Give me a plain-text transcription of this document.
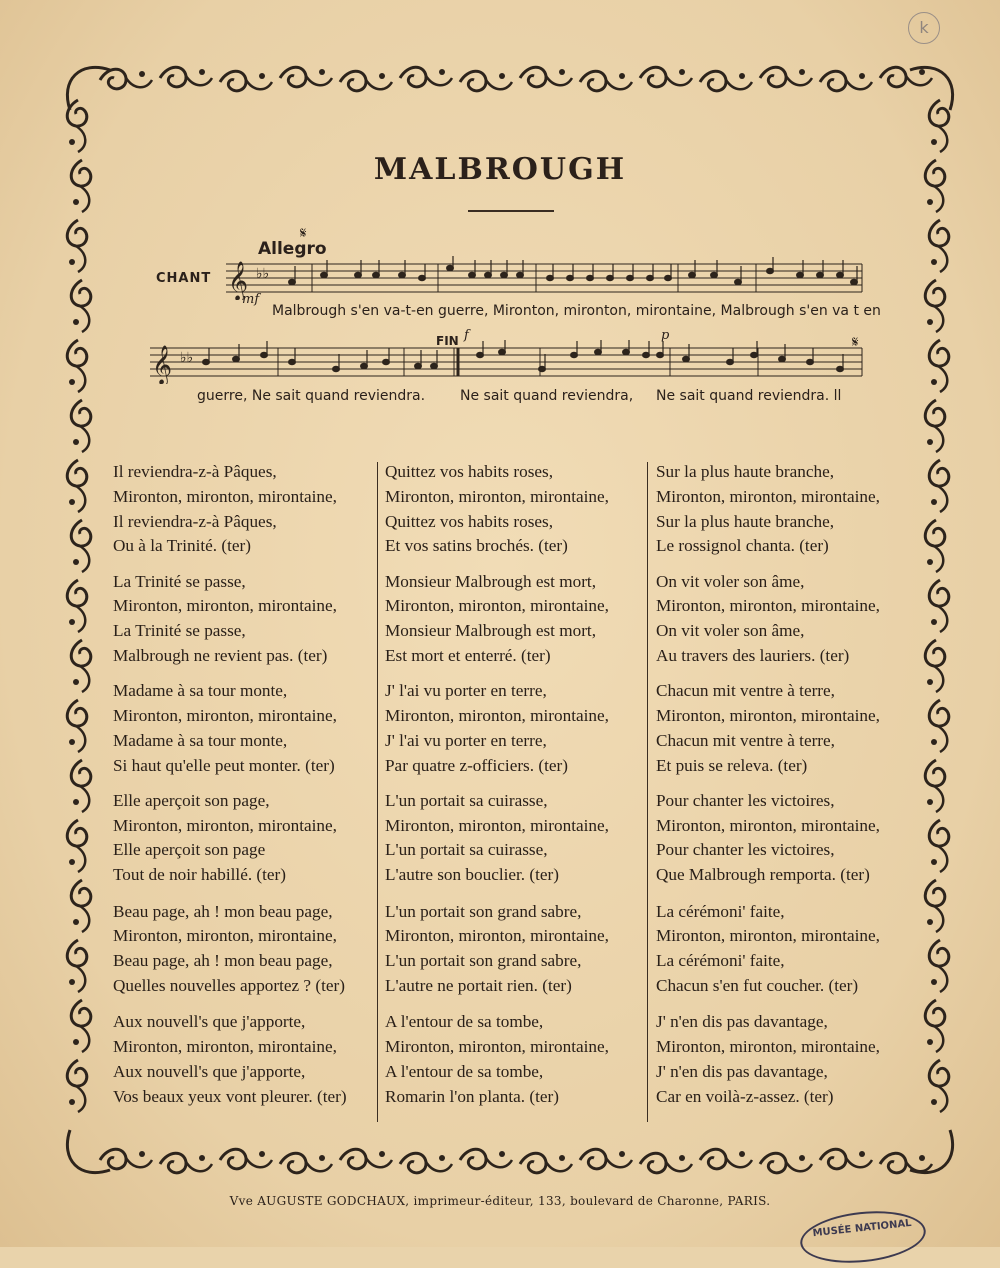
MALBROUGH
Allegro
𝄋
𝄋
CHANT
mf
f	p
FIN
𝄞 ♭♭
Malbrough s'en va-t-en guerre, Mironton, mironton, mirontaine, Malbrough s'en va t en
𝄞 ♭♭
guerre, Ne sait quand reviendra. Ne sait quand reviendra, Ne sait quand reviendra. ll
Il reviendra-z-à Pâques,
Mironton, mironton, mirontaine,
Il reviendra-z-à Pâques,
Ou à la Trinité. (ter)
La Trinité se passe,
Mironton, mironton, mirontaine,
La Trinité se passe,
Malbrough ne revient pas. (ter)
Madame à sa tour monte,
Mironton, mironton, mirontaine,
Madame à sa tour monte,
Si haut qu'elle peut monter. (ter)
Elle aperçoit son page,
Mironton, mironton, mirontaine,
Elle aperçoit son page
Tout de noir habillé. (ter)
Beau page, ah ! mon beau page,
Mironton, mironton, mirontaine,
Beau page, ah ! mon beau page,
Quelles nouvelles apportez ? (ter)
Aux nouvell's que j'apporte,
Mironton, mironton, mirontaine,
Aux nouvell's que j'apporte,
Vos beaux yeux vont pleurer. (ter)
Quittez vos habits roses,
Mironton, mironton, mirontaine,
Quittez vos habits roses,
Et vos satins brochés. (ter)
Monsieur Malbrough est mort,
Mironton, mironton, mirontaine,
Monsieur Malbrough est mort,
Est mort et enterré. (ter)
J' l'ai vu porter en terre,
Mironton, mironton, mirontaine,
J' l'ai vu porter en terre,
Par quatre z-officiers. (ter)
L'un portait sa cuirasse,
Mironton, mironton, mirontaine,
L'un portait sa cuirasse,
L'autre son bouclier. (ter)
L'un portait son grand sabre,
Mironton, mironton, mirontaine,
L'un portait son grand sabre,
L'autre ne portait rien. (ter)
A l'entour de sa tombe,
Mironton, mironton, mirontaine,
A l'entour de sa tombe,
Romarin l'on planta. (ter)
Sur la plus haute branche,
Mironton, mironton, mirontaine,
Sur la plus haute branche,
Le rossignol chanta. (ter)
On vit voler son âme,
Mironton, mironton, mirontaine,
On vit voler son âme,
Au travers des lauriers. (ter)
Chacun mit ventre à terre,
Mironton, mironton, mirontaine,
Chacun mit ventre à terre,
Et puis se releva. (ter)
Pour chanter les victoires,
Mironton, mironton, mirontaine,
Pour chanter les victoires,
Que Malbrough remporta. (ter)
La cérémoni' faite,
Mironton, mironton, mirontaine,
La cérémoni' faite,
Chacun s'en fut coucher. (ter)
J' n'en dis pas davantage,
Mironton, mironton, mirontaine,
J' n'en dis pas davantage,
Car en voilà-z-assez. (ter)
Vve AUGUSTE GODCHAUX, imprimeur-éditeur, 133, boulevard de Charonne, PARIS.
MUSÉE NATIONAL
k
